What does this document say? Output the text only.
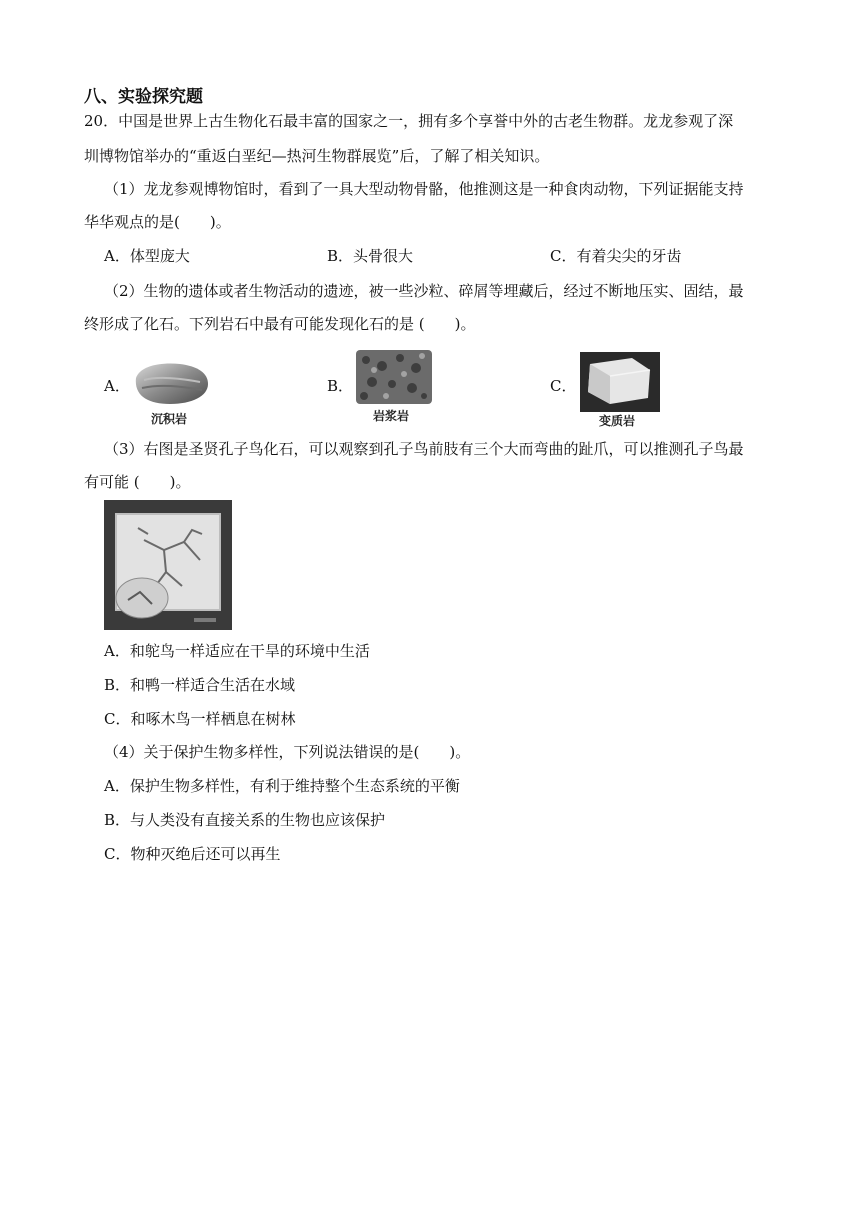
八、实验探究题
20．中国是世界上古生物化石最丰富的国家之一，拥有多个享誉中外的古老生物群。龙龙参观了深
圳博物馆举办的“重返白垩纪—热河生物群展览”后，了解了相关知识。
（1）龙龙参观博物馆时，看到了一具大型动物骨骼，他推测这是一种食肉动物，下列证据能支持
华华观点的是(　　)。
A．体型庞大	B．头骨很大	C．有着尖尖的牙齿
（2）生物的遗体或者生物活动的遗迹，被一些沙粒、碎屑等埋藏后，经过不断地压实、固结，最
终形成了化石。下列岩石中最有可能发现化石的是 (　　)。
A．
沉积岩
B．
岩浆岩
C．
变质岩
（3）右图是圣贤孔子鸟化石，可以观察到孔子鸟前肢有三个大而弯曲的趾爪，可以推测孔子鸟最
有可能 (　　)。
A．和鸵鸟一样适应在干旱的环境中生活
B．和鸭一样适合生活在水域
C．和啄木鸟一样栖息在树林
（4）关于保护生物多样性，下列说法错误的是(　　)。
A．保护生物多样性，有利于维持整个生态系统的平衡
B．与人类没有直接关系的生物也应该保护
C．物种灭绝后还可以再生
